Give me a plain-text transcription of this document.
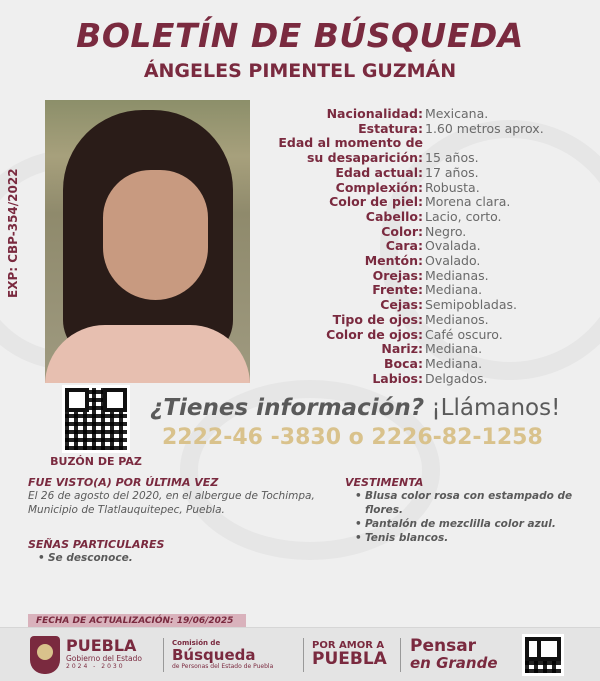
BOLETÍN DE BÚSQUEDA
ÁNGELES PIMENTEL GUZMÁN
EXP: CBP-354/2022
Nacionalidad: Mexicana.
Estatura: 1.60 metros aprox.
Edad al momento de
su desaparición: 15 años.
Edad actual: 17 años.
Complexión: Robusta.
Color de piel: Morena clara.
Cabello: Lacio, corto.
Color: Negro.
Cara: Ovalada.
Mentón: Ovalado.
Orejas: Medianas.
Frente: Mediana.
Cejas: Semipobladas.
Tipo de ojos: Medianos.
Color de ojos: Café oscuro.
Nariz: Mediana.
Boca: Mediana.
Labios: Delgados.
BUZÓN DE PAZ
¿Tienes información? ¡Llámanos!
2222-46 -3830 o 2226-82-1258
FUE VISTO(A) POR ÚLTIMA VEZ
El 26 de agosto del 2020, en el albergue de Tochimpa, Municipio de Tlatlauquitepec, Puebla.
SEÑAS PARTICULARES
• Se desconoce.
VESTIMENTA
• Blusa color rosa con estampado de flores.
• Pantalón de mezclilla color azul.
• Tenis blancos.
FECHA DE ACTUALIZACIÓN: 19/06/2025
PUEBLA
Gobierno del Estado
2024 - 2030
Comisión de
Búsqueda
de Personas del Estado de Puebla
POR AMOR A
PUEBLA
Pensar
en Grande
